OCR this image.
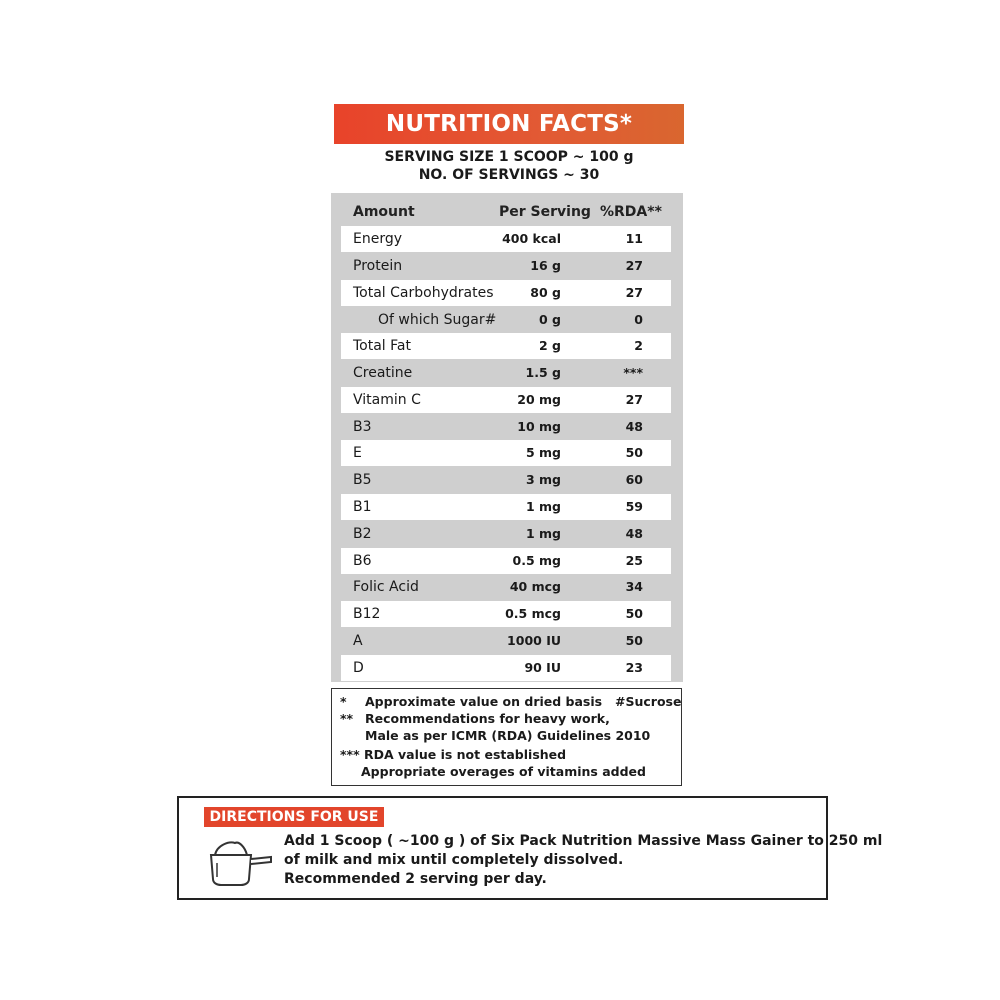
NUTRITION FACTS*
SERVING SIZE 1 SCOOP ~ 100 g
NO. OF SERVINGS ~ 30
Amount	Per Serving %RDA**
Energy	400 kcal	11
Protein	16 g	27
Total Carbohydrates	80 g	27
Of which Sugar#	0 g	0
Total Fat	2 g	2
Creatine	1.5 g	***
Vitamin C	20 mg	27
B3	10 mg	48
E	5 mg	50
B5	3 mg	60
B1	1 mg	59
B2	1 mg	48
B6	0.5 mg	25
Folic Acid	40 mcg	34
B12	0.5 mcg	50
A	1000 IU	50
D	90 IU	23
* Approximate value on dried basis #Sucrose
** Recommendations for heavy work,
Male as per ICMR (RDA) Guidelines 2010
*** RDA value is not established
Appropriate overages of vitamins added
DIRECTIONS FOR USE
Add 1 Scoop ( ~100 g ) of Six Pack Nutrition Massive Mass Gainer to 250 ml
of milk and mix until completely dissolved.
Recommended 2 serving per day.
